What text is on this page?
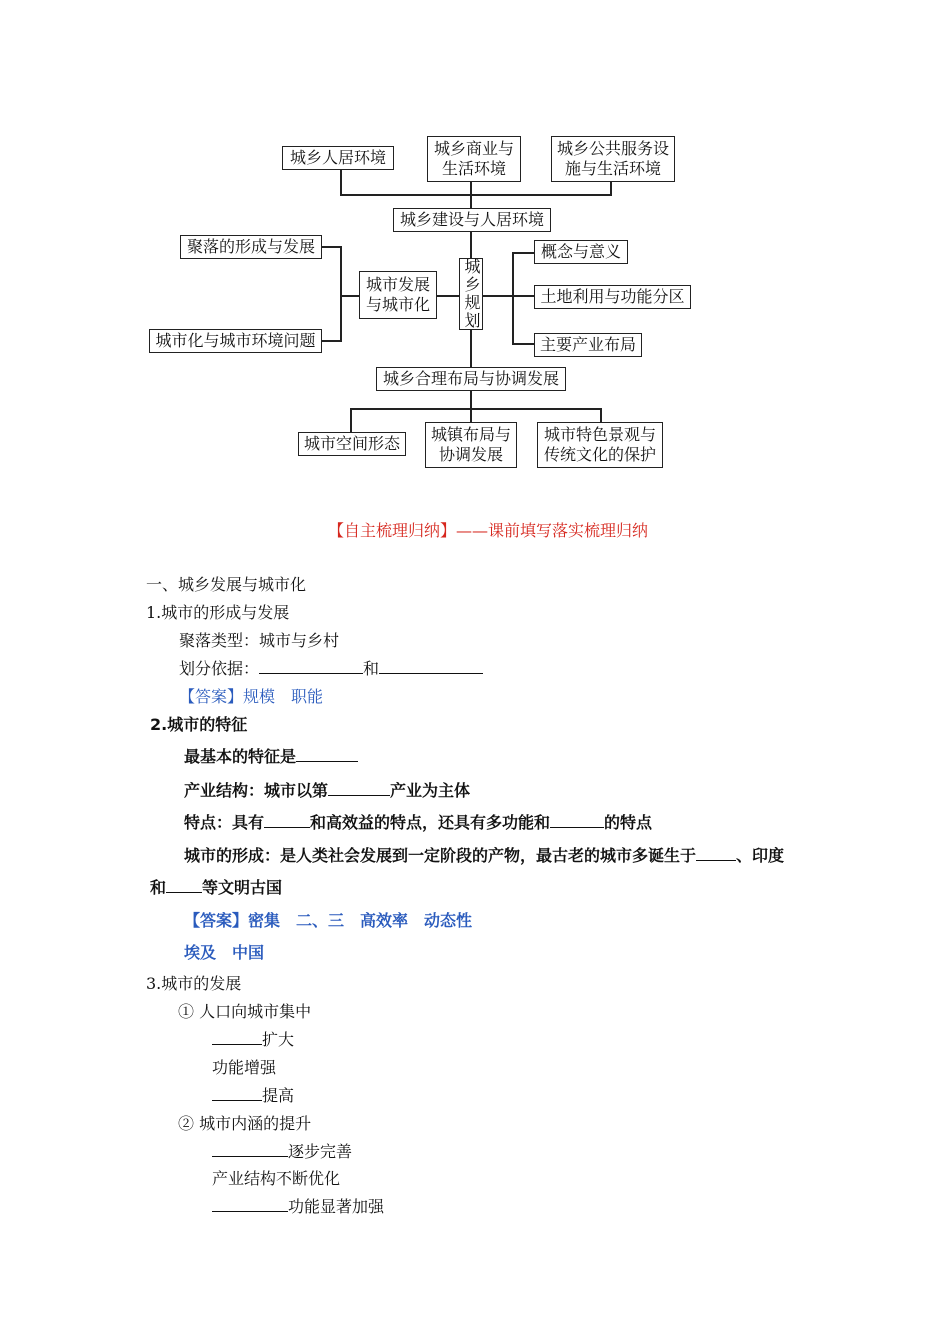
城乡人居环境	城乡商业与生活环境
城乡公共服务设施与生活环境
城乡建设与人居环境
聚落的形成与发展
城市化与城市环境问题
城市发展与城市化	城乡规划
概念与意义
土地利用与功能分区
主要产业布局
城乡合理布局与协调发展
城市空间形态	城镇布局与协调发展
城市特色景观与传统文化的保护
【自主梳理归纳】——课前填写落实梳理归纳
一、城乡发展与城市化
1.城市的形成与发展
聚落类型：城市与乡村
划分依据：	和
【答案】规模　职能
2.城市的特征
最基本的特征是
产业结构：城市以第	产业为主体
特点：具有	和高效益的特点，还具有多功能和	的特点
城市的形成：是人类社会发展到一定阶段的产物，最古老的城市多诞生于	、印度
和 等文明古国
【答案】密集　二、三　高效率　动态性
埃及　中国
3.城市的发展
① 人口向城市集中
扩大
功能增强
提高
② 城市内涵的提升
逐步完善
产业结构不断优化
功能显著加强
